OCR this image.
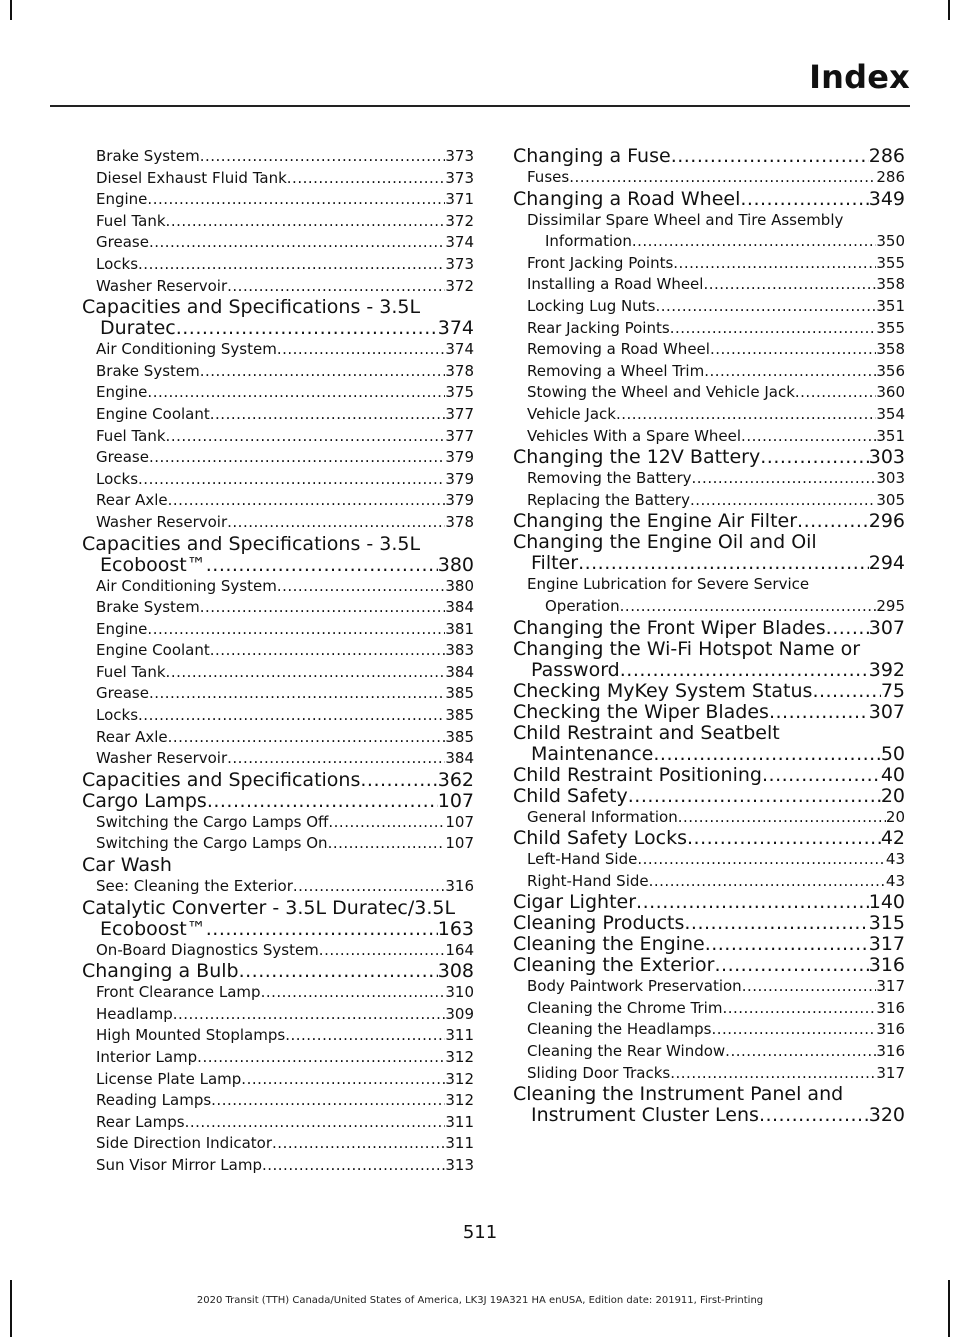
Index
Brake System .....	373
Diesel Exhaust Fluid Tank .....	373
Engine .....	371
Fuel Tank .....	372
Grease .....	374
Locks .....	373
Washer Reservoir .....	372
Capacities and Specifications - 3.5L
Duratec .....	374
Air Conditioning System .....	374
Brake System .....	378
Engine .....	375
Engine Coolant .....	377
Fuel Tank .....	377
Grease .....	379
Locks .....	379
Rear Axle .....	379
Washer Reservoir .....	378
Capacities and Specifications - 3.5L
Ecoboost™ .....	380
Air Conditioning System .....	380
Brake System .....	384
Engine .....	381
Engine Coolant .....	383
Fuel Tank .....	384
Grease .....	385
Locks .....	385
Rear Axle .....	385
Washer Reservoir .....	384
Capacities and Specifications .....	362
Cargo Lamps .....	107
Switching the Cargo Lamps Off .....	107
Switching the Cargo Lamps On .....	107
Car Wash
See: Cleaning the Exterior .....	316
Catalytic Converter - 3.5L Duratec/3.5L
Ecoboost™ .....	163
On-Board Diagnostics System .....	164
Changing a Bulb .....	308
Front Clearance Lamp .....	310
Headlamp .....	309
High Mounted Stoplamps .....	311
Interior Lamp .....	312
License Plate Lamp .....	312
Reading Lamps .....	312
Rear Lamps .....	311
Side Direction Indicator .....	311
Sun Visor Mirror Lamp .....	313
Changing a Fuse .....	286
Fuses .....	286
Changing a Road Wheel .....	349
Dissimilar Spare Wheel and Tire Assembly
Information .....	350
Front Jacking Points .....	355
Installing a Road Wheel .....	358
Locking Lug Nuts .....	351
Rear Jacking Points .....	355
Removing a Road Wheel .....	358
Removing a Wheel Trim .....	356
Stowing the Wheel and Vehicle Jack .....	360
Vehicle Jack .....	354
Vehicles With a Spare Wheel .....	351
Changing the 12V Battery .....	303
Removing the Battery .....	303
Replacing the Battery .....	305
Changing the Engine Air Filter .....	296
Changing the Engine Oil and Oil
Filter .....	294
Engine Lubrication for Severe Service
Operation .....	295
Changing the Front Wiper Blades ..... 307
Changing the Wi-Fi Hotspot Name or
Password .....	392
Checking MyKey System Status .....	75
Checking the Wiper Blades .....	307
Child Restraint and Seatbelt
Maintenance .....	50
Child Restraint Positioning .....	40
Child Safety .....	20
General Information .....	20
Child Safety Locks .....	42
Left-Hand Side .....	43
Right-Hand Side .....	43
Cigar Lighter .....	140
Cleaning Products .....	315
Cleaning the Engine .....	317
Cleaning the Exterior .....	316
Body Paintwork Preservation .....	317
Cleaning the Chrome Trim .....	316
Cleaning the Headlamps .....	316
Cleaning the Rear Window .....	316
Sliding Door Tracks .....	317
Cleaning the Instrument Panel and
Instrument Cluster Lens .....	320
511
2020 Transit (TTH) Canada/United States of America, LK3J 19A321 HA enUSA, Edition date: 201911, First-Printing
